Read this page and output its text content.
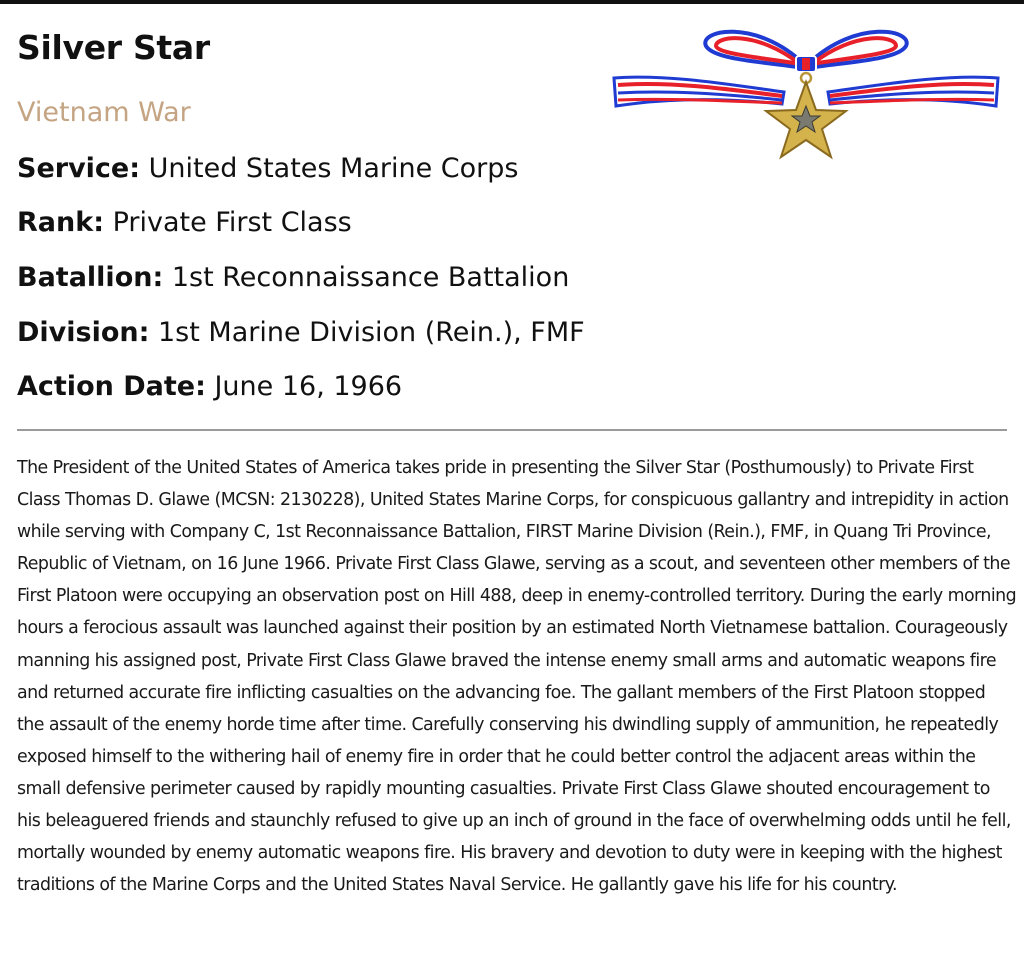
Silver Star
Vietnam War
Service: United States Marine Corps
Rank: Private First Class
Batallion: 1st Reconnaissance Battalion
Division: 1st Marine Division (Rein.), FMF
Action Date: June 16, 1966

The President of the United States of America takes pride in presenting the Silver Star (Posthumously) to Private First Class Thomas D. Glawe (MCSN: 2130228), United States Marine Corps, for conspicuous gallantry and intrepidity in action while serving with Company C, 1st Reconnaissance Battalion, FIRST Marine Division (Rein.), FMF, in Quang Tri Province, Republic of Vietnam, on 16 June 1966. Private First Class Glawe, serving as a scout, and seventeen other members of the First Platoon were occupying an observation post on Hill 488, deep in enemy-controlled territory. During the early morning hours a ferocious assault was launched against their position by an estimated North Vietnamese battalion. Courageously manning his assigned post, Private First Class Glawe braved the intense enemy small arms and automatic weapons fire and returned accurate fire inflicting casualties on the advancing foe. The gallant members of the First Platoon stopped the assault of the enemy horde time after time. Carefully conserving his dwindling supply of ammunition, he repeatedly exposed himself to the withering hail of enemy fire in order that he could better control the adjacent areas within the small defensive perimeter caused by rapidly mounting casualties. Private First Class Glawe shouted encouragement to his beleaguered friends and staunchly refused to give up an inch of ground in the face of overwhelming odds until he fell, mortally wounded by enemy automatic weapons fire. His bravery and devotion to duty were in keeping with the highest traditions of the Marine Corps and the United States Naval Service. He gallantly gave his life for his country.
